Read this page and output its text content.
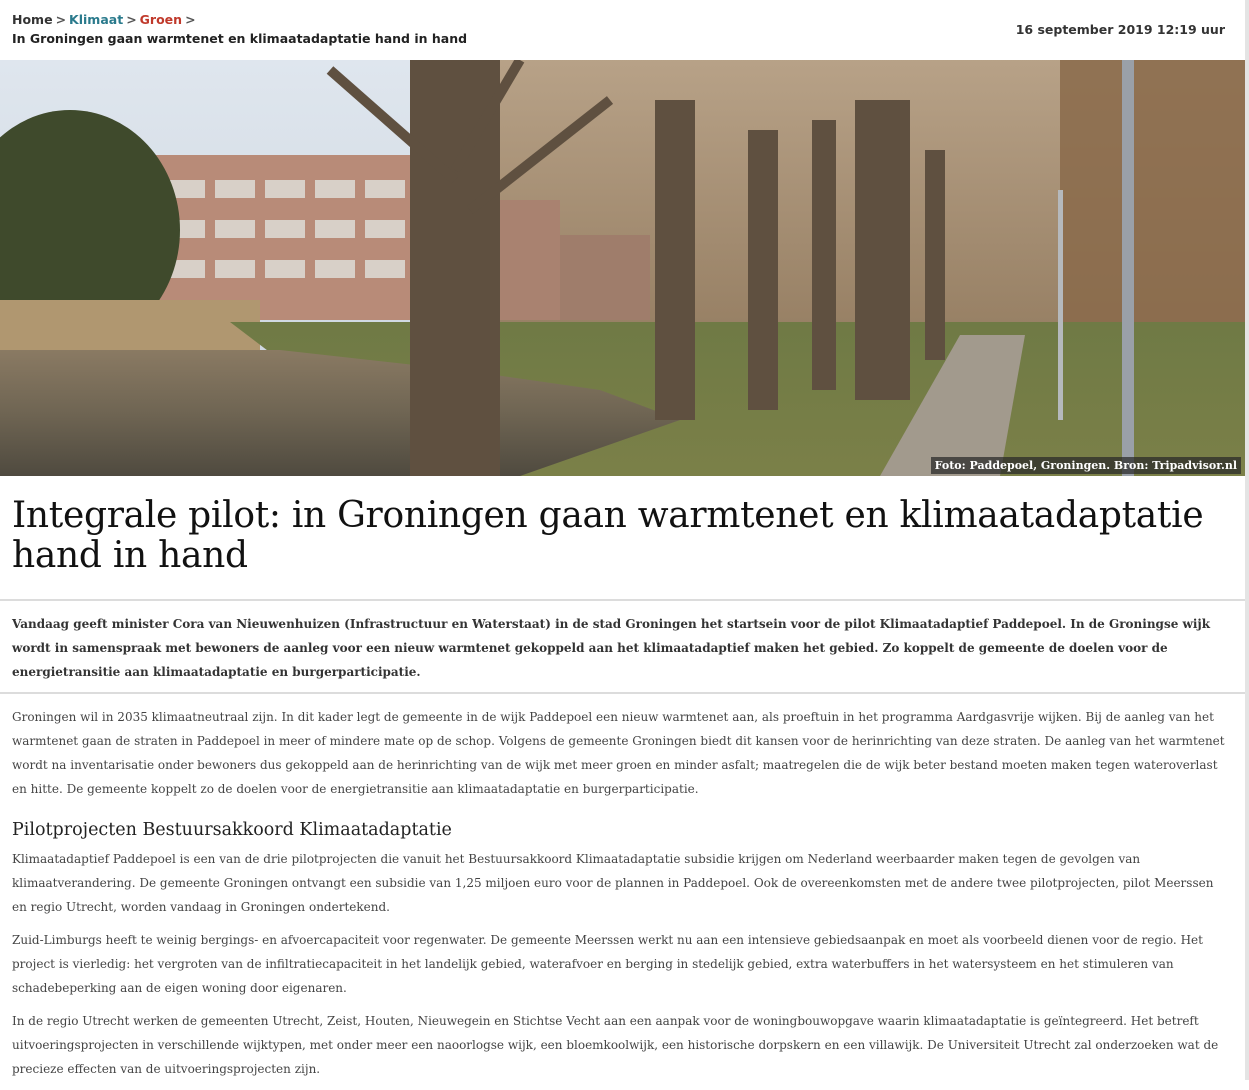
Home > Klimaat > Groen >
In Groningen gaan warmtenet en klimaatadaptatie hand in hand
16 september 2019 12:19 uur
Foto: Paddepoel, Groningen. Bron: Tripadvisor.nl
Integrale pilot: in Groningen gaan warmtenet en klimaatadaptatie hand in hand

Vandaag geeft minister Cora van Nieuwenhuizen (Infrastructuur en Waterstaat) in de stad Groningen het startsein voor de pilot Klimaatadaptief Paddepoel. In de Groningse wijk wordt in samenspraak met bewoners de aanleg voor een nieuw warmtenet gekoppeld aan het klimaatadaptief maken het gebied. Zo koppelt de gemeente de doelen voor de energietransitie aan klimaatadaptatie en burgerparticipatie.

Groningen wil in 2035 klimaatneutraal zijn. In dit kader legt de gemeente in de wijk Paddepoel een nieuw warmtenet aan, als proeftuin in het programma Aardgasvrije wijken. Bij de aanleg van het warmtenet gaan de straten in Paddepoel in meer of mindere mate op de schop. Volgens de gemeente Groningen biedt dit kansen voor de herinrichting van deze straten. De aanleg van het warmtenet wordt na inventarisatie onder bewoners dus gekoppeld aan de herinrichting van de wijk met meer groen en minder asfalt; maatregelen die de wijk beter bestand moeten maken tegen wateroverlast en hitte. De gemeente koppelt zo de doelen voor de energietransitie aan klimaatadaptatie en burgerparticipatie.

Pilotprojecten Bestuursakkoord Klimaatadaptatie

Klimaatadaptief Paddepoel is een van de drie pilotprojecten die vanuit het Bestuursakkoord Klimaatadaptatie subsidie krijgen om Nederland weerbaarder maken tegen de gevolgen van klimaatverandering. De gemeente Groningen ontvangt een subsidie van 1,25 miljoen euro voor de plannen in Paddepoel. Ook de overeenkomsten met de andere twee pilotprojecten, pilot Meerssen en regio Utrecht, worden vandaag in Groningen ondertekend.

Zuid-Limburgs heeft te weinig bergings- en afvoercapaciteit voor regenwater. De gemeente Meerssen werkt nu aan een intensieve gebiedsaanpak en moet als voorbeeld dienen voor de regio. Het project is vierledig: het vergroten van de infiltratiecapaciteit in het landelijk gebied, waterafvoer en berging in stedelijk gebied, extra waterbuffers in het watersysteem en het stimuleren van schadebeperking aan de eigen woning door eigenaren.

In de regio Utrecht werken de gemeenten Utrecht, Zeist, Houten, Nieuwegein en Stichtse Vecht aan een aanpak voor de woningbouwopgave waarin klimaatadaptatie is geïntegreerd. Het betreft uitvoeringsprojecten in verschillende wijktypen, met onder meer een naoorlogse wijk, een bloemkoolwijk, een historische dorpskern en een villawijk. De Universiteit Utrecht zal onderzoeken wat de precieze effecten van de uitvoeringsprojecten zijn.
